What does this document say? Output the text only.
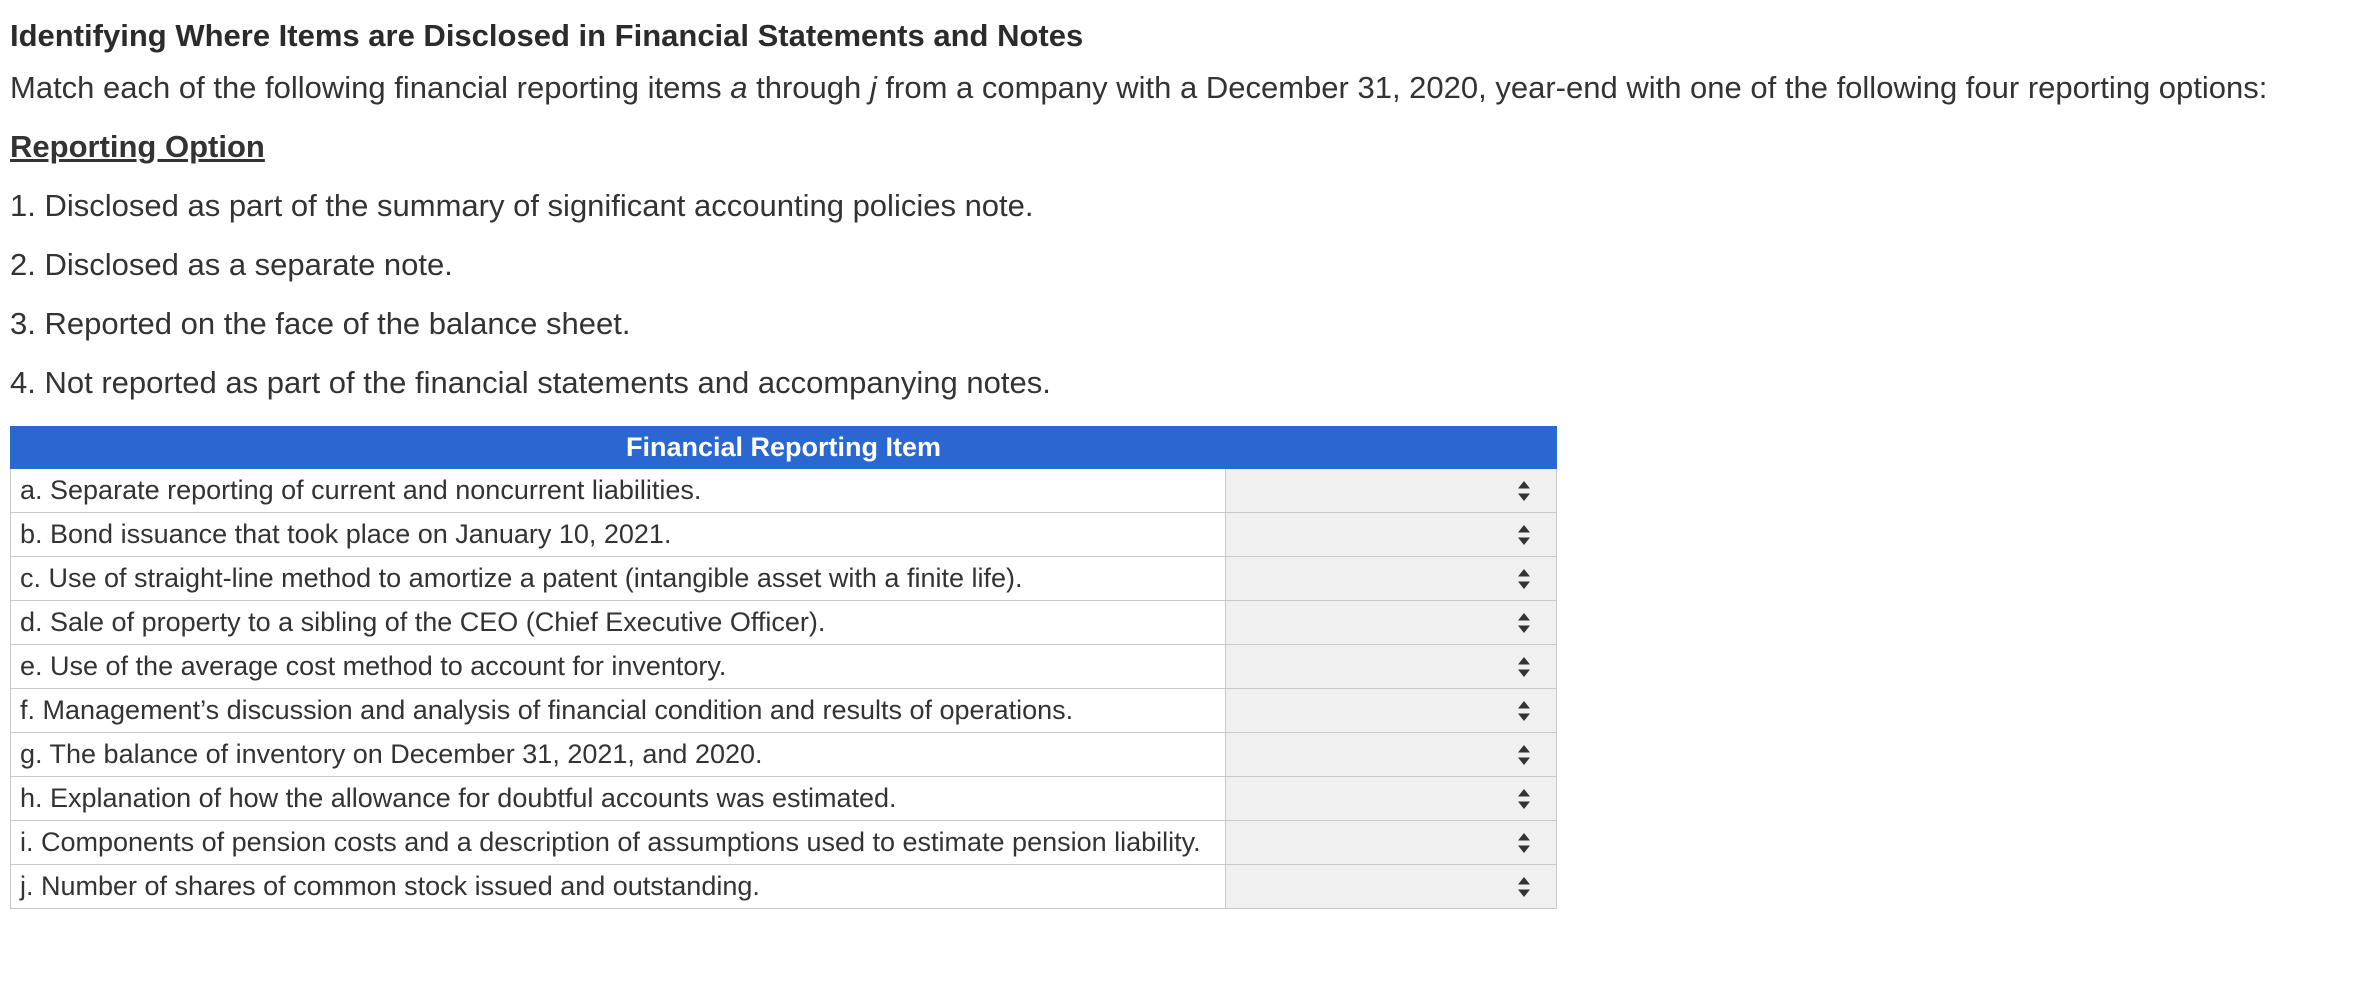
Identifying Where Items are Disclosed in Financial Statements and Notes
Match each of the following financial reporting items a through j from a company with a December 31, 2020, year-end with one of the following four reporting options:
Reporting Option
1. Disclosed as part of the summary of significant accounting policies note.
2. Disclosed as a separate note.
3. Reported on the face of the balance sheet.
4. Not reported as part of the financial statements and accompanying notes.
Financial Reporting Item	
a. Separate reporting of current and noncurrent liabilities.	

b. Bond issuance that took place on January 10, 2021.	

c. Use of straight-line method to amortize a patent (intangible asset with a finite life).	

d. Sale of property to a sibling of the CEO (Chief Executive Officer).	

e. Use of the average cost method to account for inventory.	

f. Management’s discussion and analysis of financial condition and results of operations.	

g. The balance of inventory on December 31, 2021, and 2020.	

h. Explanation of how the allowance for doubtful accounts was estimated.	

i. Components of pension costs and a description of assumptions used to estimate pension liability.	

j. Number of shares of common stock issued and outstanding.	
